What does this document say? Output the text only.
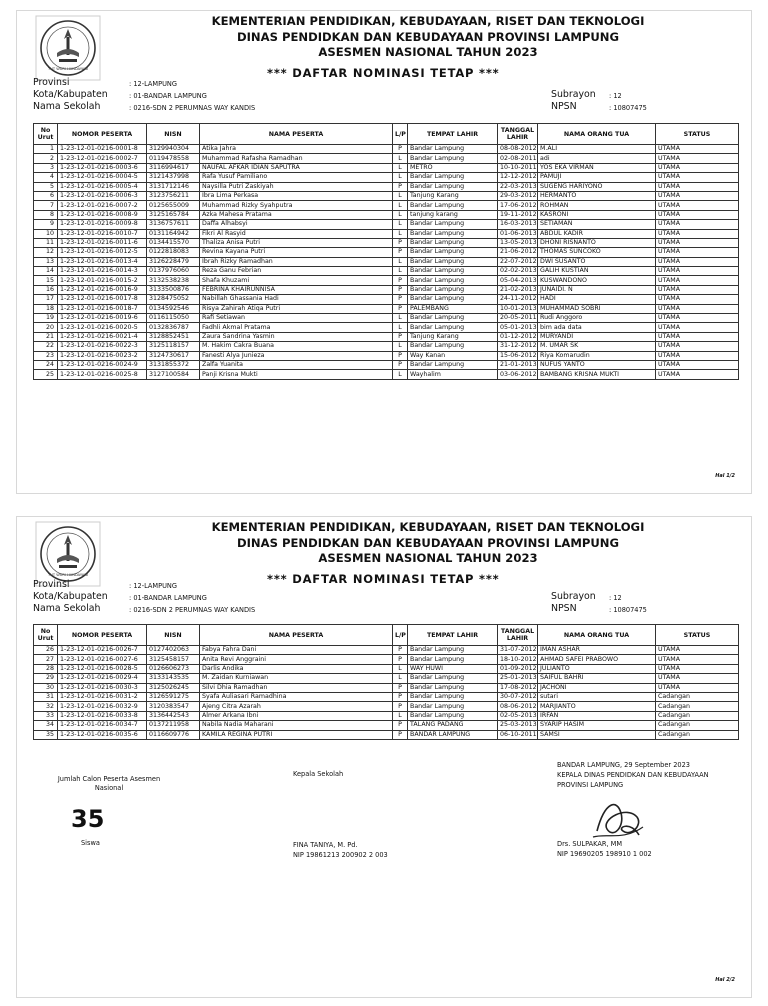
TUT WURI HANDAYANI
KEMENTERIAN PENDIDIKAN, KEBUDAYAAN, RISET DAN TEKNOLOGI
DINAS PENDIDKAN DAN KEBUDAYAAN PROVINSI LAMPUNG
ASESMEN NASIONAL TAHUN 2023
*** DAFTAR NOMINASI TETAP ***
Provinsi	: 12-LAMPUNG
Kota/Kabupaten	: 01-BANDAR LAMPUNG
Nama Sekolah	: 0216-SDN 2 PERUMNAS WAY KANDIS
Subrayon : 12
NPSN	: 10807475
No Urut	NOMOR PESERTA	NISN	NAMA PESERTA	L/P	TEMPAT LAHIR	TANGGAL LAHIR	NAMA ORANG TUA	STATUS
1	1-23-12-01-0216-0001-8	3129940304	Atika Jahra	P	Bandar Lampung	08-08-2012	M.ALI	UTAMA
2	1-23-12-01-0216-0002-7	0119478558	Muhammad Rafasha Ramadhan	L	Bandar Lampung	02-08-2011	adi	UTAMA
3	1-23-12-01-0216-0003-6	3116994617	NAUFAL AFKAR IDIAN SAPUTRA	L	METRO	10-10-2011	YOS EKA VIRMAN	UTAMA
4	1-23-12-01-0216-0004-5	3121437998	Rafa Yusuf Pamiliano	L	Bandar Lampung	12-12-2012	PAMUJI	UTAMA
5	1-23-12-01-0216-0005-4	3131712146	Naysilla Putri Zaskiyah	P	Bandar Lampung	22-03-2013	SUGENG HARIYONO	UTAMA
6	1-23-12-01-0216-0006-3	3123756211	Ibra Lima Perkasa	L	Tanjung Karang	29-03-2012	HERMANTO	UTAMA
7	1-23-12-01-0216-0007-2	0125655009	Muhammad Rizky Syahputra	L	Bandar Lampung	17-06-2012	ROHMAN	UTAMA
8	1-23-12-01-0216-0008-9	3125165784	Azka Mahesa Pratama	L	tanjung karang	19-11-2012	KASRONI	UTAMA
9	1-23-12-01-0216-0009-8	3136757611	Daffa Alhabsyi	L	Bandar Lampung	16-03-2013	SETIAMAN	UTAMA
10	1-23-12-01-0216-0010-7	0131164942	Fikri Al Rasyid	L	Bandar Lampung	01-06-2013	ABDUL KADIR	UTAMA
11	1-23-12-01-0216-0011-6	0134415570	Thaliza Anisa Putri	P	Bandar Lampung	13-05-2013	DHONI RISNANTO	UTAMA
12	1-23-12-01-0216-0012-5	0122818083	Revina Kayana Putri	P	Bandar Lampung	21-06-2012	THOMAS SUNCOKO	UTAMA
13	1-23-12-01-0216-0013-4	3126228479	Ibrah Rizky Ramadhan	L	Bandar Lampung	22-07-2012	DWI SUSANTO	UTAMA
14	1-23-12-01-0216-0014-3	0137976060	Reza Ganu Febrian	L	Bandar Lampung	02-02-2013	GALIH KUSTIAN	UTAMA
15	1-23-12-01-0216-0015-2	3132538238	Shafa Khuzami	P	Bandar Lampung	05-04-2013	KUSWANDONO	UTAMA
16	1-23-12-01-0216-0016-9	3133500876	FEBRINA KHAIRUNNISA	P	Bandar Lampung	21-02-2013	JUNAIDI. N	UTAMA
17	1-23-12-01-0216-0017-8	3128475052	Nabillah Ghassania Hadi	P	Bandar Lampung	24-11-2012	HADI	UTAMA
18	1-23-12-01-0216-0018-7	0134592546	Risya Zahirah Atiqa Putri	P	PALEMBANG	10-01-2013	MUHAMMAD SOBRI	UTAMA
19	1-23-12-01-0216-0019-6	0116115050	Rafi Setiawan	L	Bandar Lampung	20-05-2011	Rudi Anggoro	UTAMA
20	1-23-12-01-0216-0020-5	0132836787	Fadhli Akmal Pratama	L	Bandar Lampung	05-01-2013	bim ada data	UTAMA
21	1-23-12-01-0216-0021-4	3128852451	Zaura Sandrina Yasmin	P	Tanjung Karang	01-12-2012	MURYANDI	UTAMA
22	1-23-12-01-0216-0022-3	3125118157	M. Hakim Cakra Buana	L	Bandar Lampung	31-12-2012	M. UMAR SK	UTAMA
23	1-23-12-01-0216-0023-2	3124730617	Fanesti Alya Junieza	P	Way Kanan	15-06-2012	Riya Komarudin	UTAMA
24	1-23-12-01-0216-0024-9	3131855372	Zalfa Yuanita	P	Bandar Lampung	21-01-2013	NUFUS YANTO	UTAMA
25	1-23-12-01-0216-0025-8	3127100584	Panji Krisna Mukti	L	Wayhalim	03-06-2012	BAMBANG KRISNA MUKTI	UTAMA
Hal 1/2
TUT WURI HANDAYANI
KEMENTERIAN PENDIDIKAN, KEBUDAYAAN, RISET DAN TEKNOLOGI
DINAS PENDIDKAN DAN KEBUDAYAAN PROVINSI LAMPUNG
ASESMEN NASIONAL TAHUN 2023
*** DAFTAR NOMINASI TETAP ***
Provinsi	: 12-LAMPUNG
Kota/Kabupaten	: 01-BANDAR LAMPUNG
Nama Sekolah	: 0216-SDN 2 PERUMNAS WAY KANDIS
Subrayon : 12
NPSN	: 10807475
No Urut	NOMOR PESERTA	NISN	NAMA PESERTA	L/P	TEMPAT LAHIR	TANGGAL LAHIR	NAMA ORANG TUA	STATUS
26	1-23-12-01-0216-0026-7	0127402063	Fabya Fahra Dani	P	Bandar Lampung	31-07-2012	IMAN ASHAR	UTAMA
27	1-23-12-01-0216-0027-6	3125458157	Anita Revi Anggraini	P	Bandar Lampung	18-10-2012	AHMAD SAFEI PRABOWO	UTAMA
28	1-23-12-01-0216-0028-5	0126606273	Darlis Andika	L	WAY HUWI	01-09-2012	JULIANTO	UTAMA
29	1-23-12-01-0216-0029-4	3133143535	M. Zaidan Kurniawan	L	Bandar Lampung	25-01-2013	SAIFUL BAHRI	UTAMA
30	1-23-12-01-0216-0030-3	3125026245	Silvi Dhia Ramadhan	P	Bandar Lampung	17-08-2012	JACHONI	UTAMA
31	1-23-12-01-0216-0031-2	3126591275	Syafa Auliasari Ramadhina	P	Bandar Lampung	30-07-2012	sutari	Cadangan
32	1-23-12-01-0216-0032-9	3120383547	Ajeng Citra Azarah	P	Bandar Lampung	08-06-2012	MARJIANTO	Cadangan
33	1-23-12-01-0216-0033-8	3136442543	Almer Arkana Ibni	L	Bandar Lampung	02-05-2013	IRFAN	Cadangan
34	1-23-12-01-0216-0034-7	0137211958	Nabila Nadia Maharani	P	TALANG PADANG	25-03-2013	SYARIP HASIM	Cadangan
35	1-23-12-01-0216-0035-6	0116609776	KAMILA REGINA PUTRI	P	BANDAR LAMPUNG	06-10-2011	SAMSI	Cadangan
Jumlah Calon Peserta Asesmen Nasional
35
Siswa
Kepala Sekolah
FINA TANIYA, M. Pd.
NIP 19861213 200902 2 003
BANDAR LAMPUNG, 29 September 2023
KEPALA DINAS PENDIDKAN DAN KEBUDAYAAN
PROVINSI LAMPUNG
Drs. SULPAKAR, MM
NIP 19690205 198910 1 002
Hal 2/2
